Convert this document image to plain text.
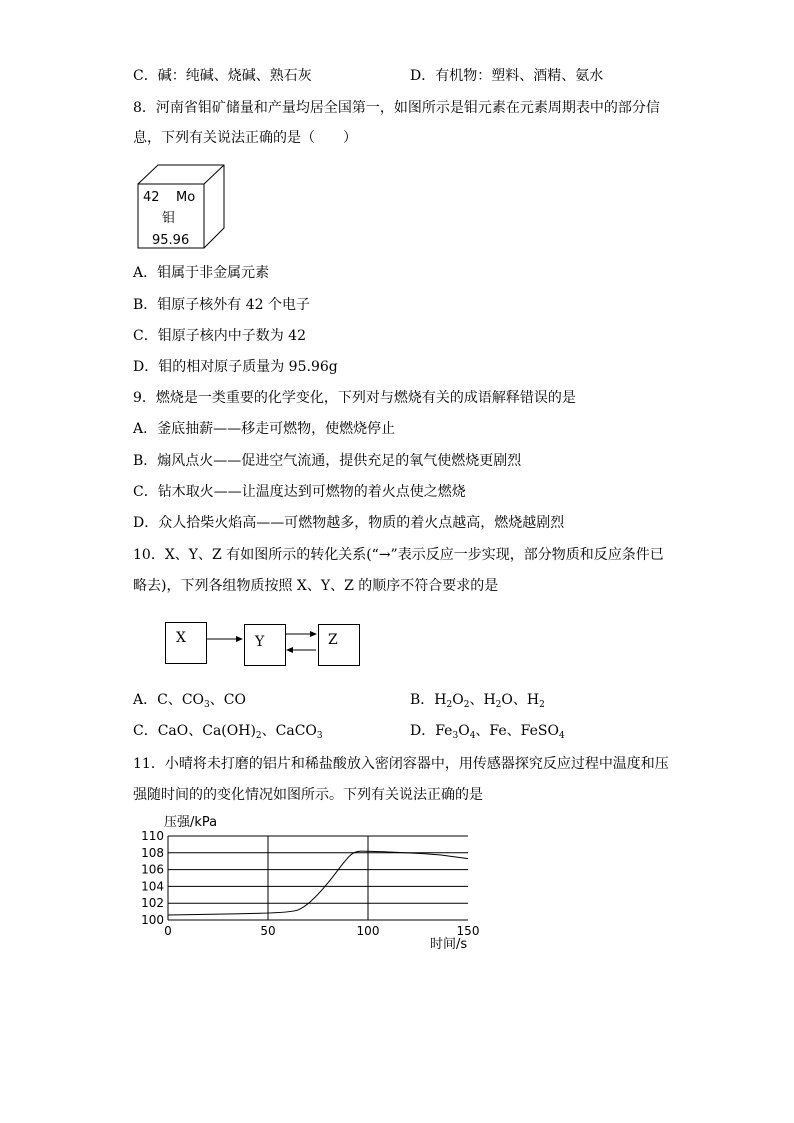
C．碱：纯碱、烧碱、熟石灰	D．有机物：塑料、酒精、氨水
8．河南省钼矿储量和产量均居全国第一，如图所示是钼元素在元素周期表中的部分信
息，下列有关说法正确的是（　　）
42 Mo
钼
95.96
A．钼属于非金属元素
B．钼原子核外有 42 个电子
C．钼原子核内中子数为 42
D．钼的相对原子质量为 95.96g
9．燃烧是一类重要的化学变化，下列对与燃烧有关的成语解释错误的是
A．釜底抽薪——移走可燃物，使燃烧停止
B．煽风点火——促进空气流通，提供充足的氧气使燃烧更剧烈
C．钻木取火——让温度达到可燃物的着火点使之燃烧
D．众人拾柴火焰高——可燃物越多，物质的着火点越高，燃烧越剧烈
10．X、Y、Z 有如图所示的转化关系(“→”表示反应一步实现，部分物质和反应条件已
略去)，下列各组物质按照 X、Y、Z 的顺序不符合要求的是
X	Y	Z
A．C、$CO_3$、CO	B．$H_2O_2$、$H_2O$、$H_2$
C．CaO、$Ca(OH)_2$、CaCO$_3$	D．$Fe_3O_4$、Fe、FeSO$_4$
11．小晴将未打磨的铝片和稀盐酸放入密闭容器中，用传感器探究反应过程中温度和压
强随时间的的变化情况如图所示。下列有关说法正确的是
100
102
104
106
108
110
0	50	100	150
压强/kPa
时间/s
